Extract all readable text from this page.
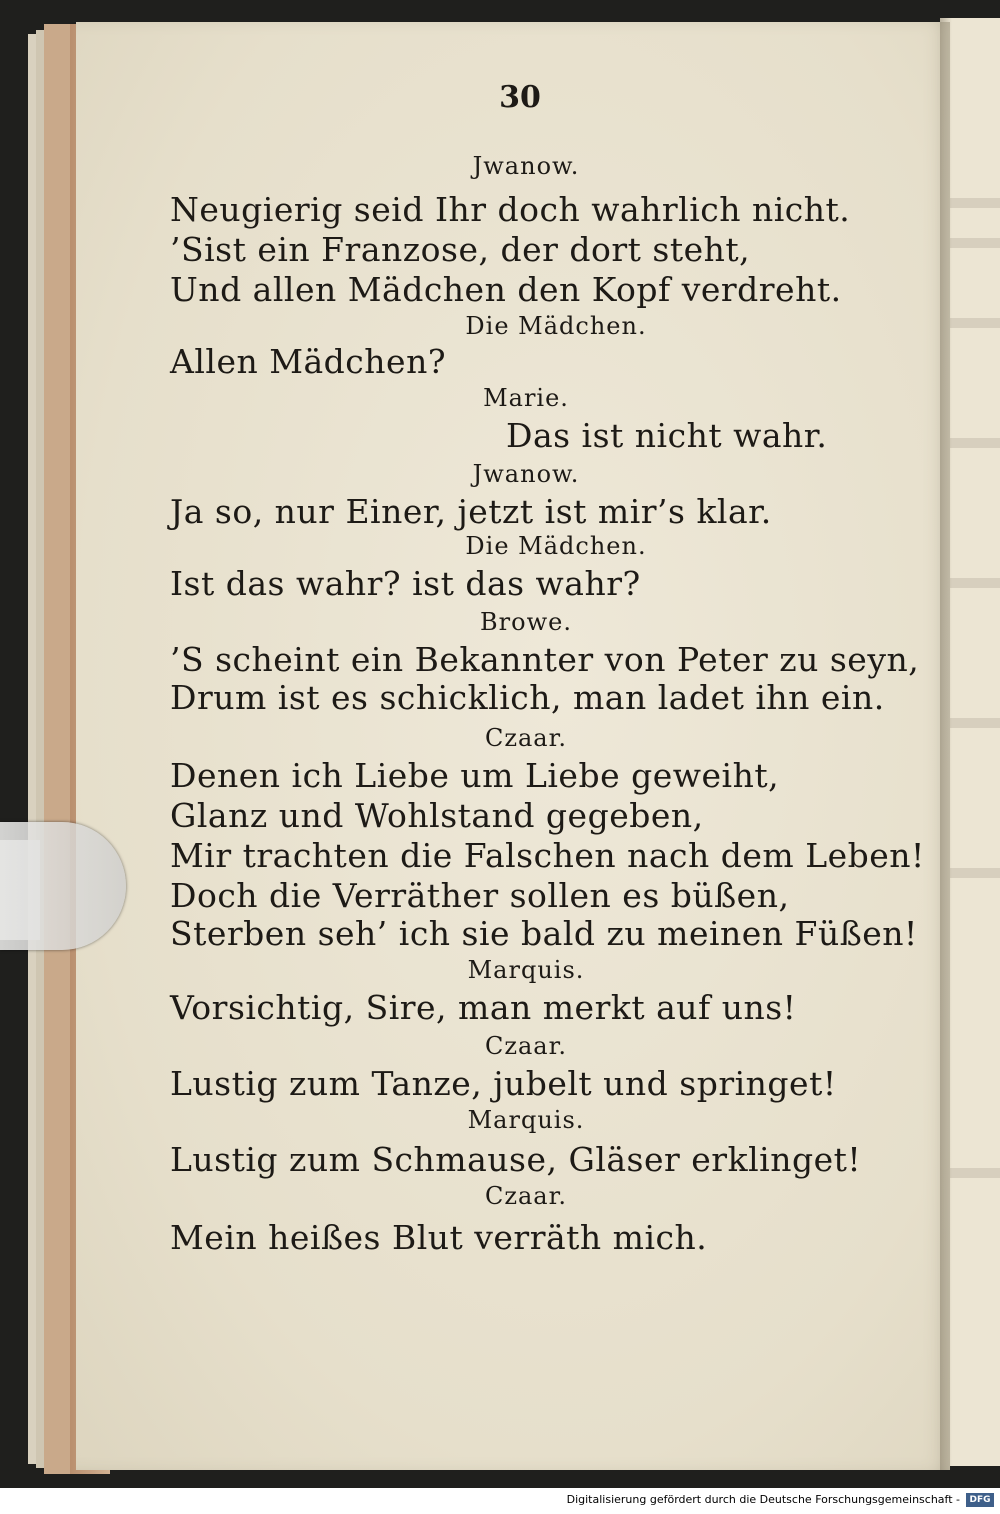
30
Jwanow.
Neugierig seid Ihr doch wahrlich nicht.
’Sist ein Franzose, der dort steht,
Und allen Mädchen den Kopf verdreht.
Die Mädchen.
Allen Mädchen?
Marie.
Das ist nicht wahr.
Jwanow.
Ja so, nur Einer, jetzt ist mir’s klar.
Die Mädchen.
Ist das wahr? ist das wahr?
Browe.
’S scheint ein Bekannter von Peter zu seyn,
Drum ist es schicklich, man ladet ihn ein.
Czaar.
Denen ich Liebe um Liebe geweiht,
Glanz und Wohlstand gegeben,
Mir trachten die Falschen nach dem Leben!
Doch die Verräther sollen es büßen,
Sterben seh’ ich sie bald zu meinen Füßen!
Marquis.
Vorsichtig, Sire, man merkt auf uns!
Czaar.
Lustig zum Tanze, jubelt und springet!
Marquis.
Lustig zum Schmause, Gläser erklinget!
Czaar.
Mein heißes Blut verräth mich.
Digitalisierung gefördert durch die Deutsche Forschungsgemeinschaft -	DFG
